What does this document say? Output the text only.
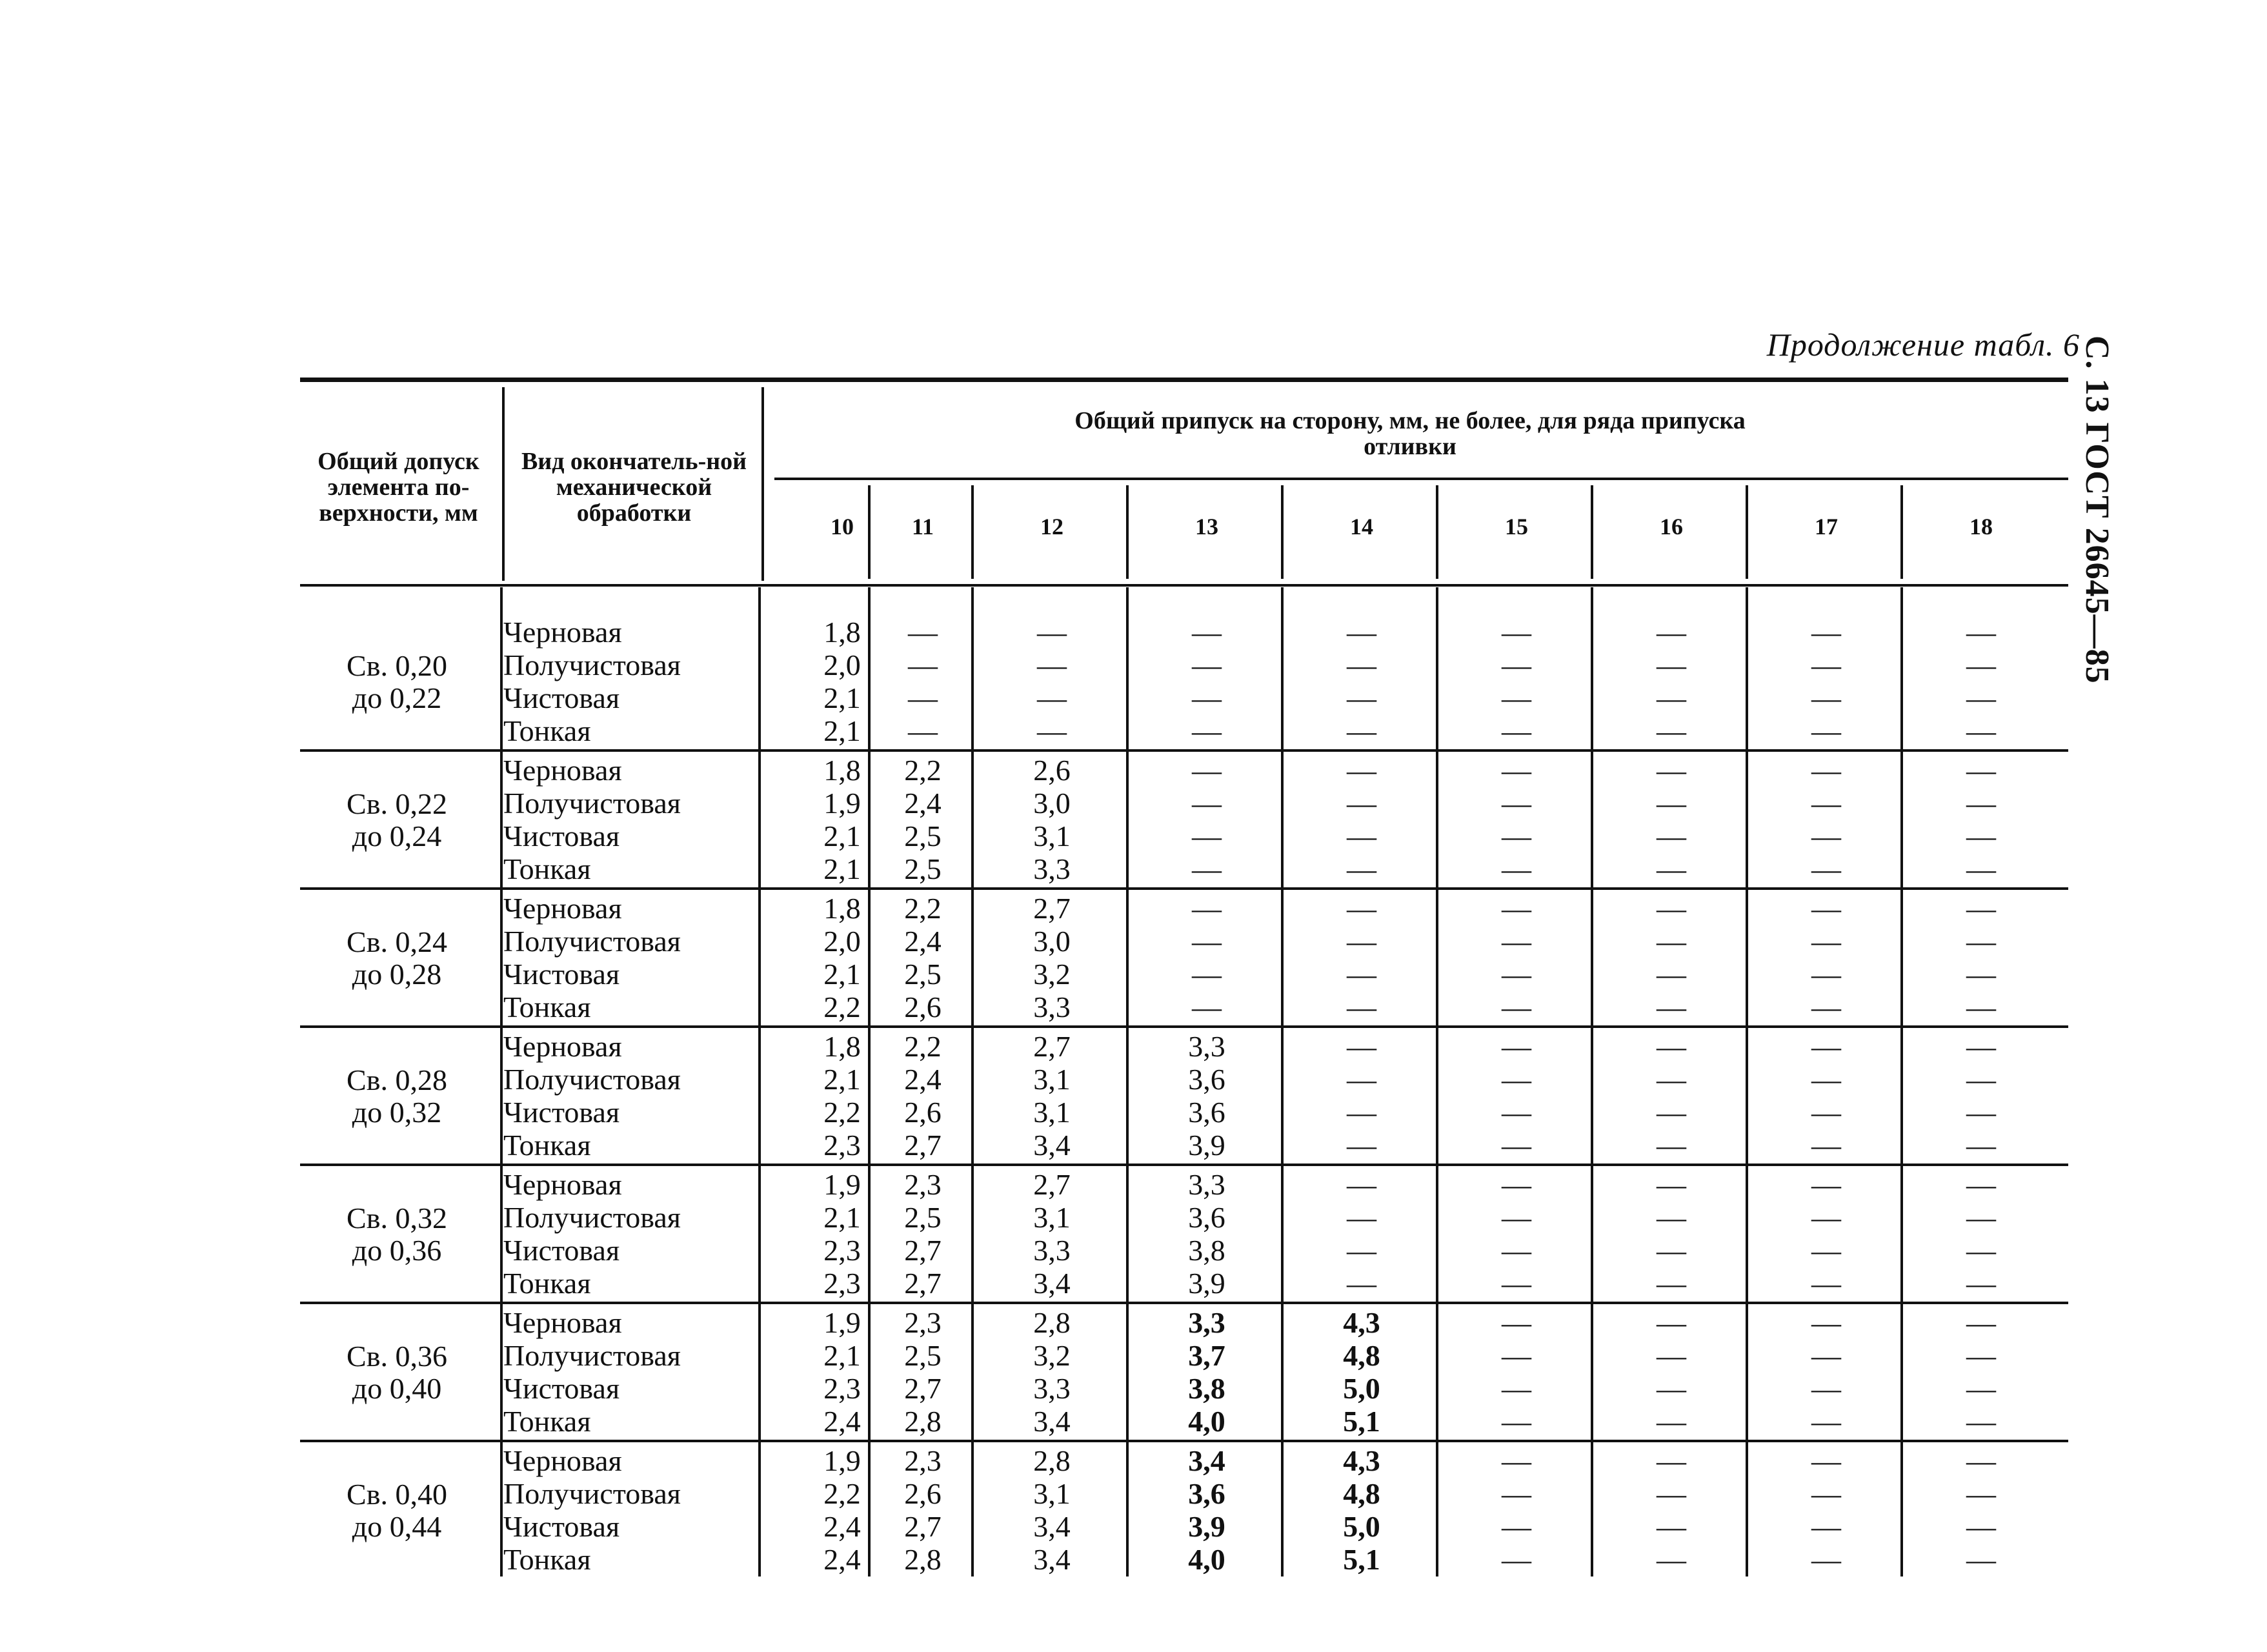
Продолжение табл. 6
С. 13 ГОСТ 26645—85
Общий допуск элемента по-верхности, мм
Вид окончатель-ной механической обработки
Общий припуск на сторону, мм, не более, для ряда припуска отливки
10	11	12	13	14	15	16	17	18
Св. 0,20
до 0,22
Черновая	1,8	—	—	—	—	—	—	—	—
Получистовая	2,0	—	—	—	—	—	—	—	—
Чистовая	2,1	—	—	—	—	—	—	—	—
Тонкая	2,1	—	—	—	—	—	—	—	—
Св. 0,22
до 0,24
Черновая	1,8	2,2	2,6	—	—	—	—	—	—
Получистовая	1,9	2,4	3,0	—	—	—	—	—	—
Чистовая	2,1	2,5	3,1	—	—	—	—	—	—
Тонкая	2,1	2,5	3,3	—	—	—	—	—	—
Св. 0,24
до 0,28
Черновая	1,8	2,2	2,7	—	—	—	—	—	—
Получистовая	2,0	2,4	3,0	—	—	—	—	—	—
Чистовая	2,1	2,5	3,2	—	—	—	—	—	—
Тонкая	2,2	2,6	3,3	—	—	—	—	—	—
Св. 0,28
до 0,32
Черновая	1,8	2,2	2,7	3,3	—	—	—	—	—
Получистовая	2,1	2,4	3,1	3,6	—	—	—	—	—
Чистовая	2,2	2,6	3,1	3,6	—	—	—	—	—
Тонкая	2,3	2,7	3,4	3,9	—	—	—	—	—
Св. 0,32
до 0,36
Черновая	1,9	2,3	2,7	3,3	—	—	—	—	—
Получистовая	2,1	2,5	3,1	3,6	—	—	—	—	—
Чистовая	2,3	2,7	3,3	3,8	—	—	—	—	—
Тонкая	2,3	2,7	3,4	3,9	—	—	—	—	—
Св. 0,36
до 0,40
Черновая	1,9	2,3	2,8	3,3	4,3	—	—	—	—
Получистовая	2,1	2,5	3,2	3,7	4,8	—	—	—	—
Чистовая	2,3	2,7	3,3	3,8	5,0	—	—	—	—
Тонкая	2,4	2,8	3,4	4,0	5,1	—	—	—	—
Св. 0,40
до 0,44
Черновая	1,9	2,3	2,8	3,4	4,3	—	—	—	—
Получистовая	2,2	2,6	3,1	3,6	4,8	—	—	—	—
Чистовая	2,4	2,7	3,4	3,9	5,0	—	—	—	—
Тонкая	2,4	2,8	3,4	4,0	5,1	—	—	—	—
